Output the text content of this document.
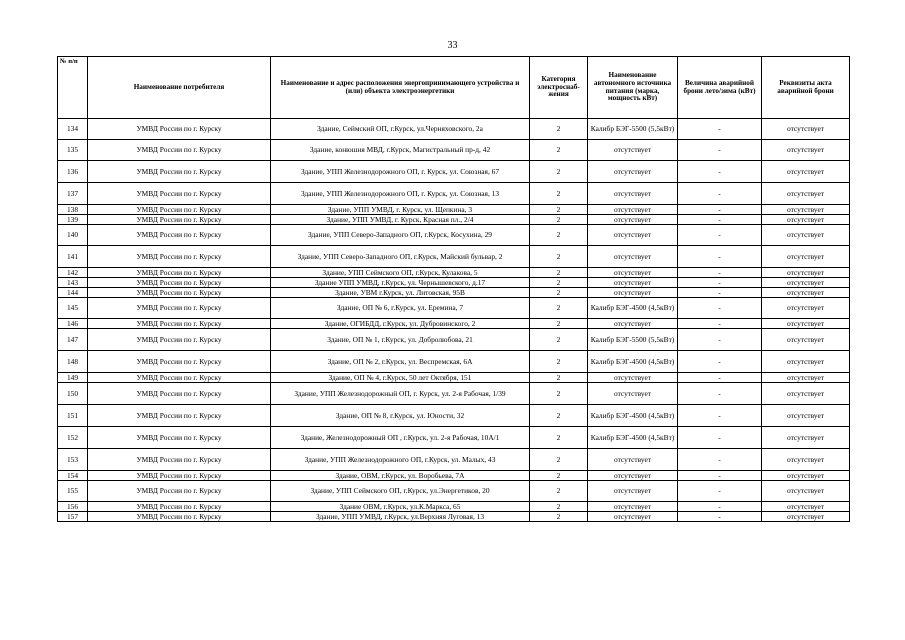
33
№ п/п	Наименование потребителя	Наименование и адрес расположения энергопринимающего устройства и (или) объекта электроэнергетики	Категория электроснаб-жения	Наименование автономного источника питания (марка, мощность кВт)	Величина аварийной брони лето/зима (кВт)	Реквизиты акта аварийной брони
134	УМВД России по г. Курску	Здание, Сеймский ОП, г.Курск, ул.Черняховского, 2а	2	Калибр БЭГ-5500 (5,5кВт)	-	отсутствует
135	УМВД России по г. Курску	Здание, конюшня МВД, г.Курск, Магистральный пр-д, 42	2	отсутствует	-	отсутствует
136	УМВД России по г. Курску	Здание, УПП Железнодорожного ОП, г. Курск, ул. Союзная, 67	2	отсутствует	-	отсутствует
137	УМВД России по г. Курску	Здание, УПП Железнодорожного ОП, г. Курск, ул. Союзная, 13	2	отсутствует	-	отсутствует
138	УМВД России по г. Курску	Здание, УПП УМВД, г. Курск, ул. Щепкина, 3	2	отсутствует	-	отсутствует
139	УМВД России по г. Курску	Здание, УПП УМВД, г. Курск, Красная пл., 2/4	2	отсутствует	-	отсутствует
140	УМВД России по г. Курску	Здание, УПП Северо-Западного ОП, г.Курск, Косухина, 29	2	отсутствует	-	отсутствует
141	УМВД России по г. Курску	Здание, УПП Северо-Западного ОП, г.Курск, Майский бульвар, 2	2	отсутствует	-	отсутствует
142	УМВД России по г. Курску	Здание, УПП Сеймского ОП, г.Курск, Кулакова, 5	2	отсутствует	-	отсутствует
143	УМВД России по г. Курску	Здание УПП УМВД, г.Курск, ул. Чернышевского, д.17	2	отсутствует	-	отсутствует
144	УМВД России по г. Курску	Здание, УВМ г.Курск, ул. Литовская, 95В	2	отсутствует	-	отсутствует
145	УМВД России по г. Курску	Здание, ОП № 6, г.Курск, ул. Еремина, 7	2	Калибр БЭГ-4500 (4,5кВт)	-	отсутствует
146	УМВД России по г. Курску	Здание, ОГИБДД, г.Курск, ул. Дубровинского, 2	2	отсутствует	-	отсутствует
147	УМВД России по г. Курску	Здание, ОП № 1, г.Курск, ул. Добролюбова, 21	2	Калибр БЭГ-5500 (5,5кВт)	-	отсутствует
148	УМВД России по г. Курску	Здание, ОП № 2, г.Курск, ул. Веспремская, 6А	2	Калибр БЭГ-4500 (4,5кВт)	-	отсутствует
149	УМВД России по г. Курску	Здание, ОП № 4, г.Курск, 50 лет Октября, 151	2	отсутствует	-	отсутствует
150	УМВД России по г. Курску	Здание, УПП Железнодорожный ОП, г. Курск, ул. 2-я Рабочая, 1/39	2	отсутствует	-	отсутствует
151	УМВД России по г. Курску	Здание, ОП № 8, г.Курск, ул. Юности, 32	2	Калибр БЭГ-4500 (4,5кВт)	-	отсутствует
152	УМВД России по г. Курску	Здание, Железнодорожный ОП , г.Курск, ул. 2-я Рабочая, 10А/1	2	Калибр БЭГ-4500 (4,5кВт)	-	отсутствует
153	УМВД России по г. Курску	Здание, УПП Железнодорожного ОП, г.Курск, ул. Малых, 43	2	отсутствует	-	отсутствует
154	УМВД России по г. Курску	Здание, ОВМ, г.Курск, ул. Воробьева, 7А	2	отсутствует	-	отсутствует
155	УМВД России по г. Курску	Здание, УПП Сеймского ОП, г.Курск, ул.Энергетиков, 20	2	отсутствует	-	отсутствует
156	УМВД России по г. Курску	Здание ОВМ, г.Курск, ул.К.Маркса, 65	2	отсутствует	-	отсутствует
157	УМВД России по г. Курску	Здание, УПП УМВД, г.Курск, ул.Верхняя Луговая, 13	2	отсутствует	-	отсутствует
